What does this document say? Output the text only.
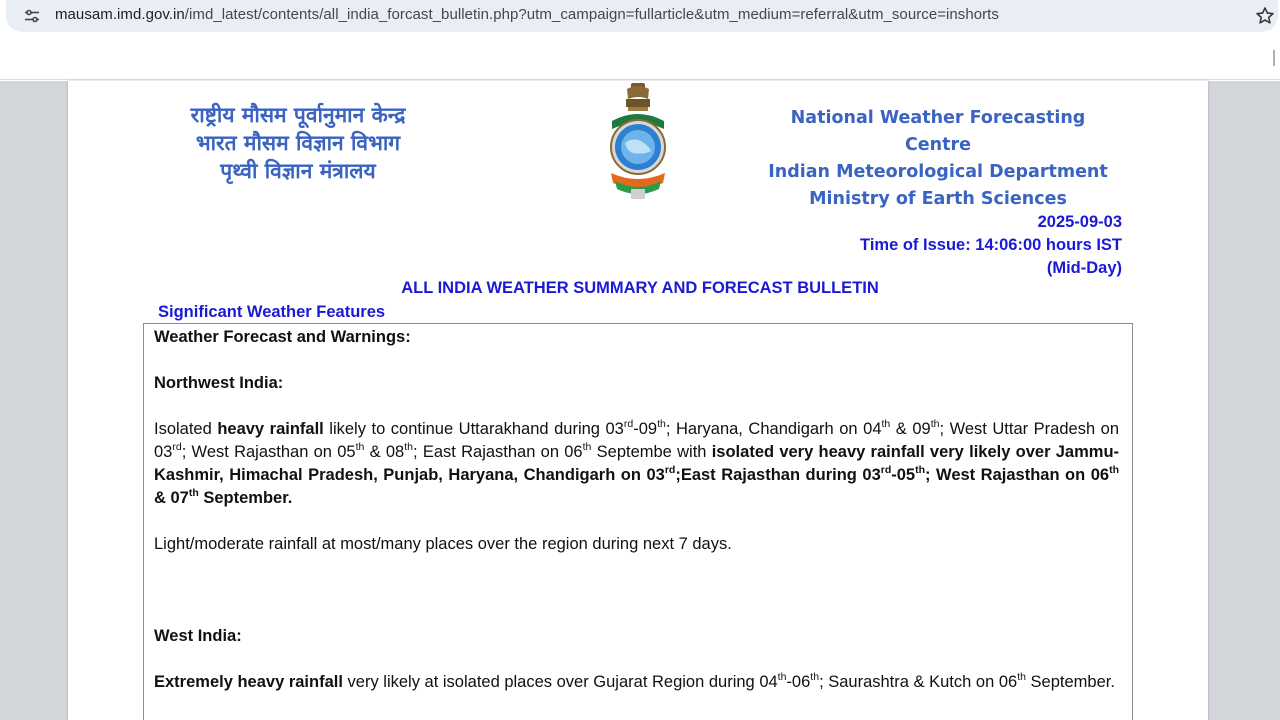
mausam.imd.gov.in/imd_latest/contents/all_india_forcast_bulletin.php?utm_campaign=fullarticle&utm_medium=referral&utm_source=inshorts
राष्ट्रीय मौसम पूर्वानुमान केन्द्र
भारत मौसम विज्ञान विभाग
पृथ्वी विज्ञान मंत्रालय
National Weather Forecasting Centre
Indian Meteorological Department
Ministry of Earth Sciences
2025-09-03
Time of Issue: 14:06:00 hours IST
(Mid-Day)
ALL INDIA WEATHER SUMMARY AND FORECAST BULLETIN
Significant Weather Features

Weather Forecast and Warnings:

Northwest India:

Isolated heavy rainfall likely to continue Uttarakhand during 03rd-09th; Haryana, Chandigarh on 04th & 09th; West Uttar Pradesh on 03rd; West Rajasthan on 05th & 08th; East Rajasthan on 06th Septembe with isolated very heavy rainfall very likely over Jammu-Kashmir, Himachal Pradesh, Punjab, Haryana, Chandigarh on 03rd;East Rajasthan during 03rd-05th; West Rajasthan on 06th & 07th September.

Light/moderate rainfall at most/many places over the region during next 7 days.

West India:

Extremely heavy rainfall very likely at isolated places over Gujarat Region during 04th-06th; Saurashtra & Kutch on 06th September.
